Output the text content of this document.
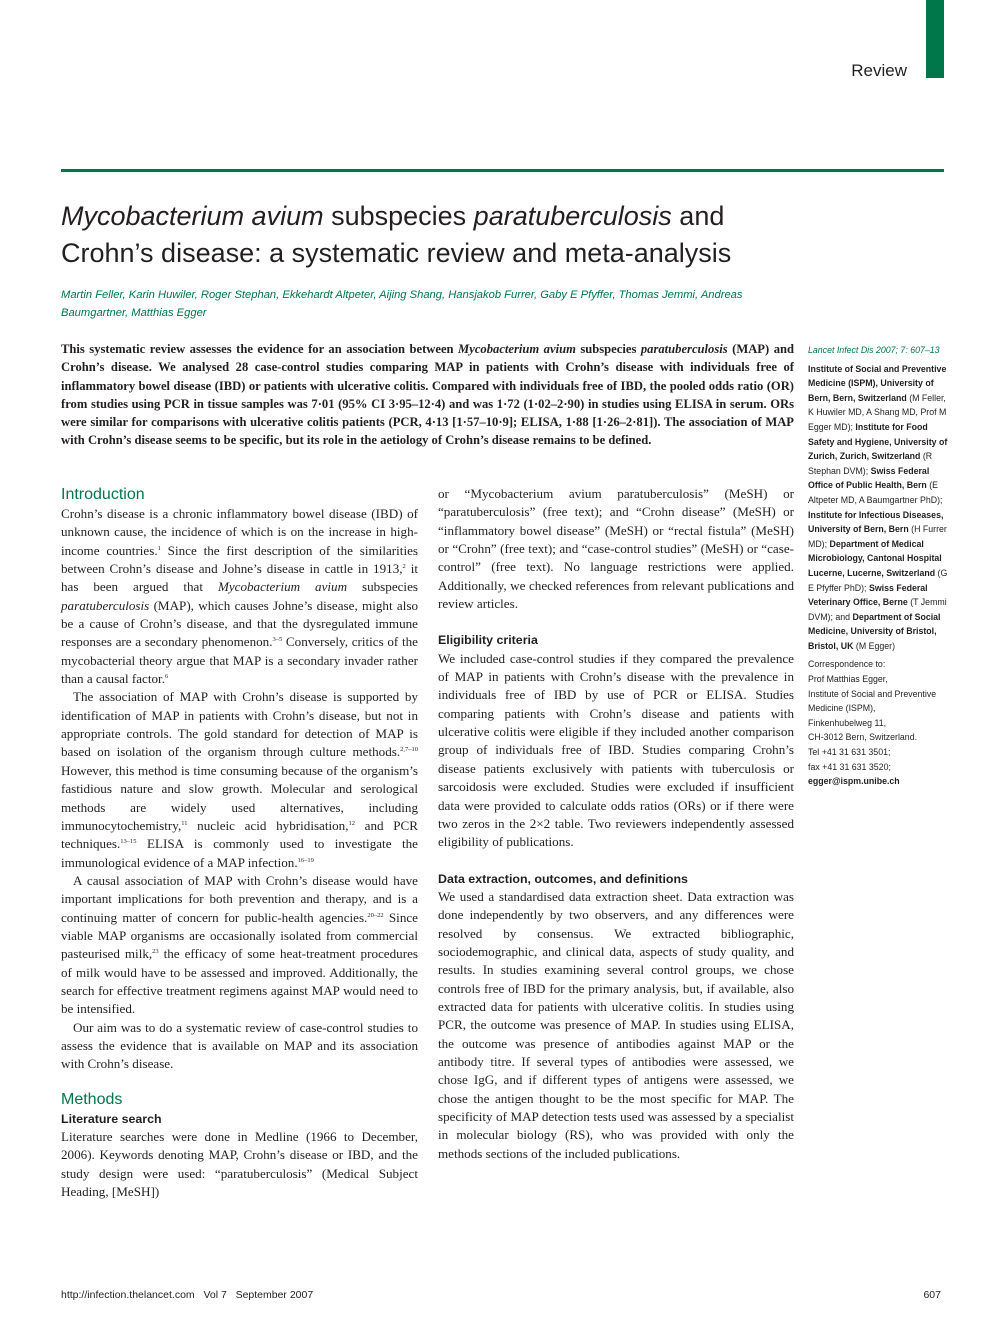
Review
Mycobacterium avium subspecies paratuberculosis and Crohn’s disease: a systematic review and meta-analysis

Martin Feller, Karin Huwiler, Roger Stephan, Ekkehardt Altpeter, Aijing Shang, Hansjakob Furrer, Gaby E Pfyffer, Thomas Jemmi, Andreas Baumgartner, Matthias Egger

This systematic review assesses the evidence for an association between Mycobacterium avium subspecies paratuberculosis (MAP) and Crohn’s disease. We analysed 28 case-control studies comparing MAP in patients with Crohn’s disease with individuals free of inflammatory bowel disease (IBD) or patients with ulcerative colitis. Compared with individuals free of IBD, the pooled odds ratio (OR) from studies using PCR in tissue samples was 7·01 (95% CI 3·95–12·4) and was 1·72 (1·02–2·90) in studies using ELISA in serum. ORs were similar for comparisons with ulcerative colitis patients (PCR, 4·13 [1·57–10·9]; ELISA, 1·88 [1·26–2·81]). The association of MAP with Crohn’s disease seems to be specific, but its role in the aetiology of Crohn’s disease remains to be defined.

Introduction

Crohn’s disease is a chronic inflammatory bowel disease (IBD) of unknown cause, the incidence of which is on the increase in high-income countries.$^1$ Since the first description of the similarities between Crohn’s disease and Johne’s disease in cattle in 1913,$^2$ it has been argued that Mycobacterium avium subspecies paratuberculosis (MAP), which causes Johne’s disease, might also be a cause of Crohn’s disease, and that the dysregulated immune responses are a secondary phenomenon.$^{3-5}$ Conversely, critics of the mycobacterial theory argue that MAP is a secondary invader rather than a causal factor.$^6$

The association of MAP with Crohn’s disease is supported by identification of MAP in patients with Crohn’s disease, but not in appropriate controls. The gold standard for detection of MAP is based on isolation of the organism through culture methods.$^{2,7-10}$ However, this method is time consuming because of the organism’s fastidious nature and slow growth. Molecular and serological methods are widely used alternatives, including immunocytochemistry,$^{11}$ nucleic acid hybridisation,$^{12}$ and PCR techniques.$^{13-15}$ ELISA is commonly used to investigate the immunological evidence of a MAP infection.$^{16-19}$

A causal association of MAP with Crohn’s disease would have important implications for both prevention and therapy, and is a continuing matter of concern for public-health agencies.$^{20-22}$ Since viable MAP organisms are occasionally isolated from commercial pasteurised milk,$^{23}$ the efficacy of some heat-treatment procedures of milk would have to be assessed and improved. Additionally, the search for effective treatment regimens against MAP would need to be intensified.

Our aim was to do a systematic review of case-control studies to assess the evidence that is available on MAP and its association with Crohn’s disease.

Methods
Literature search

Literature searches were done in Medline (1966 to December, 2006). Keywords denoting MAP, Crohn’s disease or IBD, and the study design were used: “paratuberculosis” (Medical Subject Heading, [MeSH])

or “Mycobacterium avium paratuberculosis” (MeSH) or “paratuberculosis” (free text); and “Crohn disease” (MeSH) or “inflammatory bowel disease” (MeSH) or “rectal fistula” (MeSH) or “Crohn” (free text); and “case-control studies” (MeSH) or “case-control” (free text). No language restrictions were applied. Additionally, we checked references from relevant publications and review articles.

Eligibility criteria

We included case-control studies if they compared the prevalence of MAP in patients with Crohn’s disease with the prevalence in individuals free of IBD by use of PCR or ELISA. Studies comparing patients with Crohn’s disease and patients with ulcerative colitis were eligible if they included another comparison group of individuals free of IBD. Studies comparing Crohn’s disease patients exclusively with patients with tuberculosis or sarcoidosis were excluded. Studies were excluded if insufficient data were provided to calculate odds ratios (ORs) or if there were two zeros in the 2×2 table. Two reviewers independently assessed eligibility of publications.

Data extraction, outcomes, and definitions

We used a standardised data extraction sheet. Data extraction was done independently by two observers, and any differences were resolved by consensus. We extracted bibliographic, sociodemographic, and clinical data, aspects of study quality, and results. In studies examining several control groups, we chose controls free of IBD for the primary analysis, but, if available, also extracted data for patients with ulcerative colitis. In studies using PCR, the outcome was presence of MAP. In studies using ELISA, the outcome was presence of antibodies against MAP or the antibody titre. If several types of antibodies were assessed, we chose IgG, and if different types of antigens were assessed, we chose the antigen thought to be the most specific for MAP. The specificity of MAP detection tests used was assessed by a specialist in molecular biology (RS), who was provided with only the methods sections of the included publications.

Lancet Infect Dis 2007; 7: 607–13

Institute of Social and Preventive Medicine (ISPM), University of Bern, Bern, Switzerland (M Feller, K Huwiler MD, A Shang MD, Prof M Egger MD); Institute for Food Safety and Hygiene, University of Zurich, Zurich, Switzerland (R Stephan DVM); Swiss Federal Office of Public Health, Bern (E Altpeter MD, A Baumgartner PhD); Institute for Infectious Diseases, University of Bern, Bern (H Furrer MD); Department of Medical Microbiology, Cantonal Hospital Lucerne, Lucerne, Switzerland (G E Pfyffer PhD); Swiss Federal Veterinary Office, Berne (T Jemmi DVM); and Department of Social Medicine, University of Bristol, Bristol, UK (M Egger)

Correspondence to:

Prof Matthias Egger,

Institute of Social and Preventive Medicine (ISPM),

Finkenhubelweg 11,

CH-3012 Bern, Switzerland.

Tel +41 31 631 3501;

fax +41 31 631 3520;

egger@ispm.unibe.ch

http://infection.thelancet.com Vol 7 September 2007	607
